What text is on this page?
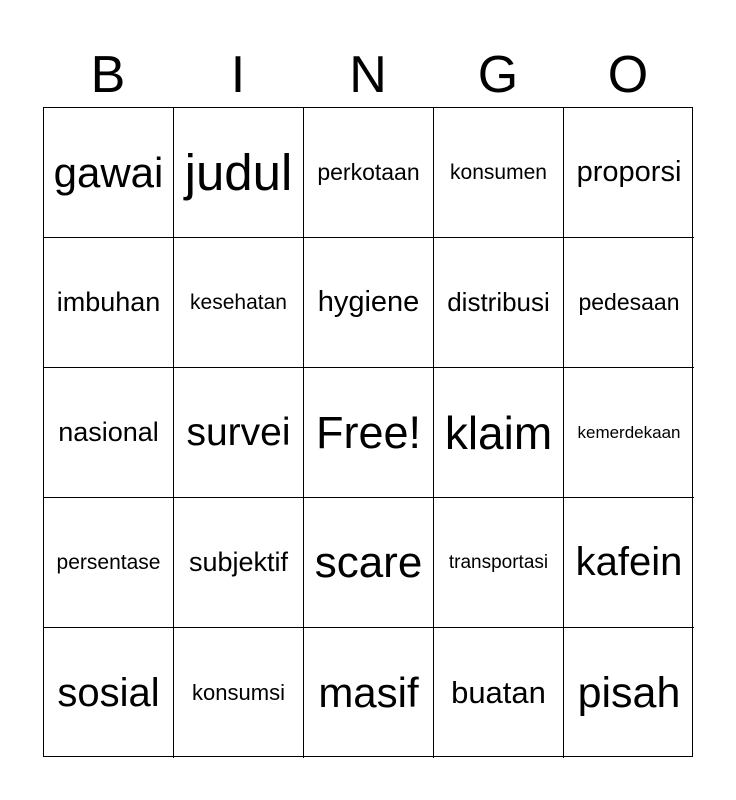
B	I	N	G	O
gawai judul perkotaan konsumen proporsi
imbuhan kesehatan hygiene distribusi pedesaan
nasional survei Free! klaim kemerdekaan
persentase subjektif scare transportasi kafein
sosial konsumsi masif buatan pisah
